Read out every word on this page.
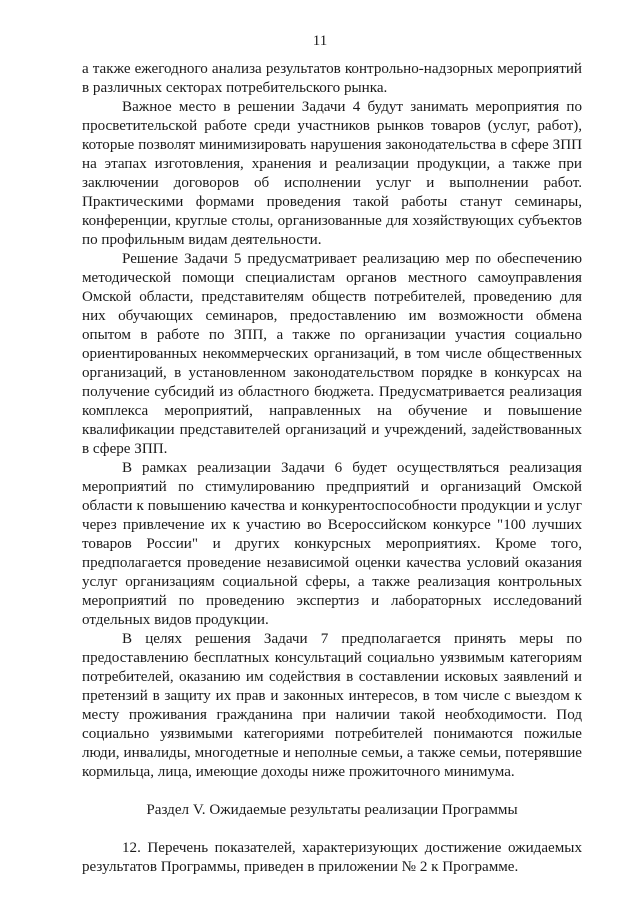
11

а также ежегодного анализа результатов контрольно-надзорных мероприятий в различных секторах потребительского рынка.

Важное место в решении Задачи 4 будут занимать мероприятия по просветительской работе среди участников рынков товаров (услуг, работ), которые позволят минимизировать нарушения законодательства в сфере ЗПП на этапах изготовления, хранения и реализации продукции, а также при заключении договоров об исполнении услуг и выполнении работ. Практическими формами проведения такой работы станут семинары, конференции, круглые столы, организованные для хозяйствующих субъектов по профильным видам деятельности.

Решение Задачи 5 предусматривает реализацию мер по обеспечению методической помощи специалистам органов местного самоуправления Омской области, представителям обществ потребителей, проведению для них обучающих семинаров, предоставлению им возможности обмена опытом в работе по ЗПП, а также по организации участия социально ориентированных некоммерческих организаций, в том числе общественных организаций, в установленном законодательством порядке в конкурсах на получение субсидий из областного бюджета. Предусматривается реализация комплекса мероприятий, направленных на обучение и повышение квалификации представителей организаций и учреждений, задействованных в сфере ЗПП.

В рамках реализации Задачи 6 будет осуществляться реализация мероприятий по стимулированию предприятий и организаций Омской области к повышению качества и конкурентоспособности продукции и услуг через привлечение их к участию во Всероссийском конкурсе "100 лучших товаров России" и других конкурсных мероприятиях. Кроме того, предполагается проведение независимой оценки качества условий оказания услуг организациям социальной сферы, а также реализация контрольных мероприятий по проведению экспертиз и лабораторных исследований отдельных видов продукции.

В целях решения Задачи 7 предполагается принять меры по предоставлению бесплатных консультаций социально уязвимым категориям потребителей, оказанию им содействия в составлении исковых заявлений и претензий в защиту их прав и законных интересов, в том числе с выездом к месту проживания гражданина при наличии такой необходимости. Под социально уязвимыми категориями потребителей понимаются пожилые люди, инвалиды, многодетные и неполные семьи, а также семьи, потерявшие кормильца, лица, имеющие доходы ниже прожиточного минимума.

Раздел V. Ожидаемые результаты реализации Программы

12. Перечень показателей, характеризующих достижение ожидаемых результатов Программы, приведен в приложении № 2 к Программе.
